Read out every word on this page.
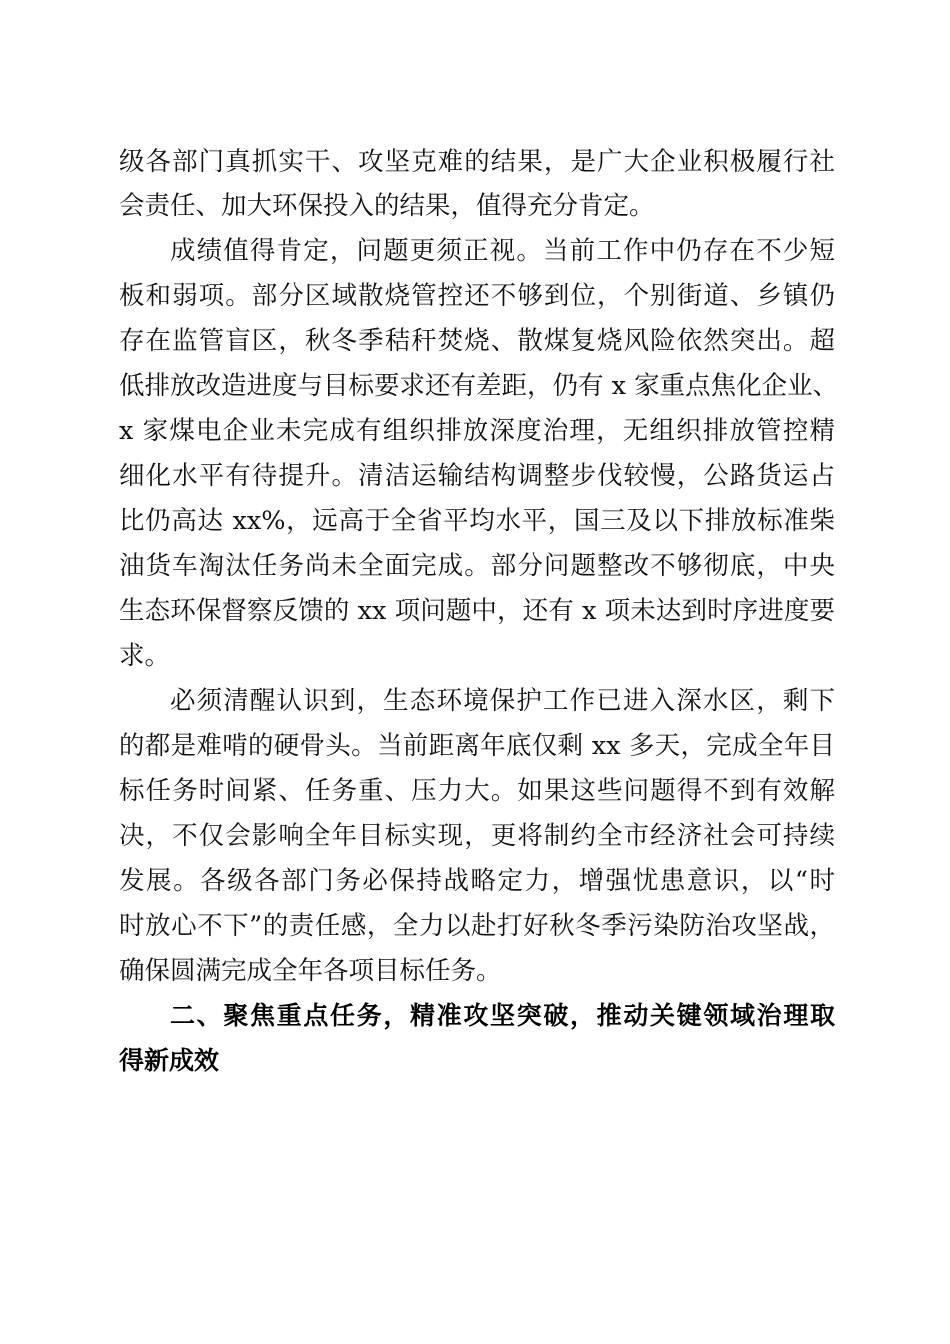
级各部门真抓实干、攻坚克难的结果，是广大企业积极履行社
会责任、加大环保投入的结果，值得充分肯定。
成绩值得肯定，问题更须正视。当前工作中仍存在不少短
板和弱项。部分区域散烧管控还不够到位，个别街道、乡镇仍
存在监管盲区，秋冬季秸秆焚烧、散煤复烧风险依然突出。超
低排放改造进度与目标要求还有差距，仍有 x 家重点焦化企业、
x 家煤电企业未完成有组织排放深度治理，无组织排放管控精
细化水平有待提升。清洁运输结构调整步伐较慢，公路货运占
比仍高达 xx%，远高于全省平均水平，国三及以下排放标准柴
油货车淘汰任务尚未全面完成。部分问题整改不够彻底，中央
生态环保督察反馈的 xx 项问题中，还有 x 项未达到时序进度要
求。
必须清醒认识到，生态环境保护工作已进入深水区，剩下
的都是难啃的硬骨头。当前距离年底仅剩 xx 多天，完成全年目
标任务时间紧、任务重、压力大。如果这些问题得不到有效解
决，不仅会影响全年目标实现，更将制约全市经济社会可持续
发展。各级各部门务必保持战略定力，增强忧患意识，以“时
时放心不下”的责任感，全力以赴打好秋冬季污染防治攻坚战，
确保圆满完成全年各项目标任务。
二、聚焦重点任务，精准攻坚突破，推动关键领域治理取
得新成效
